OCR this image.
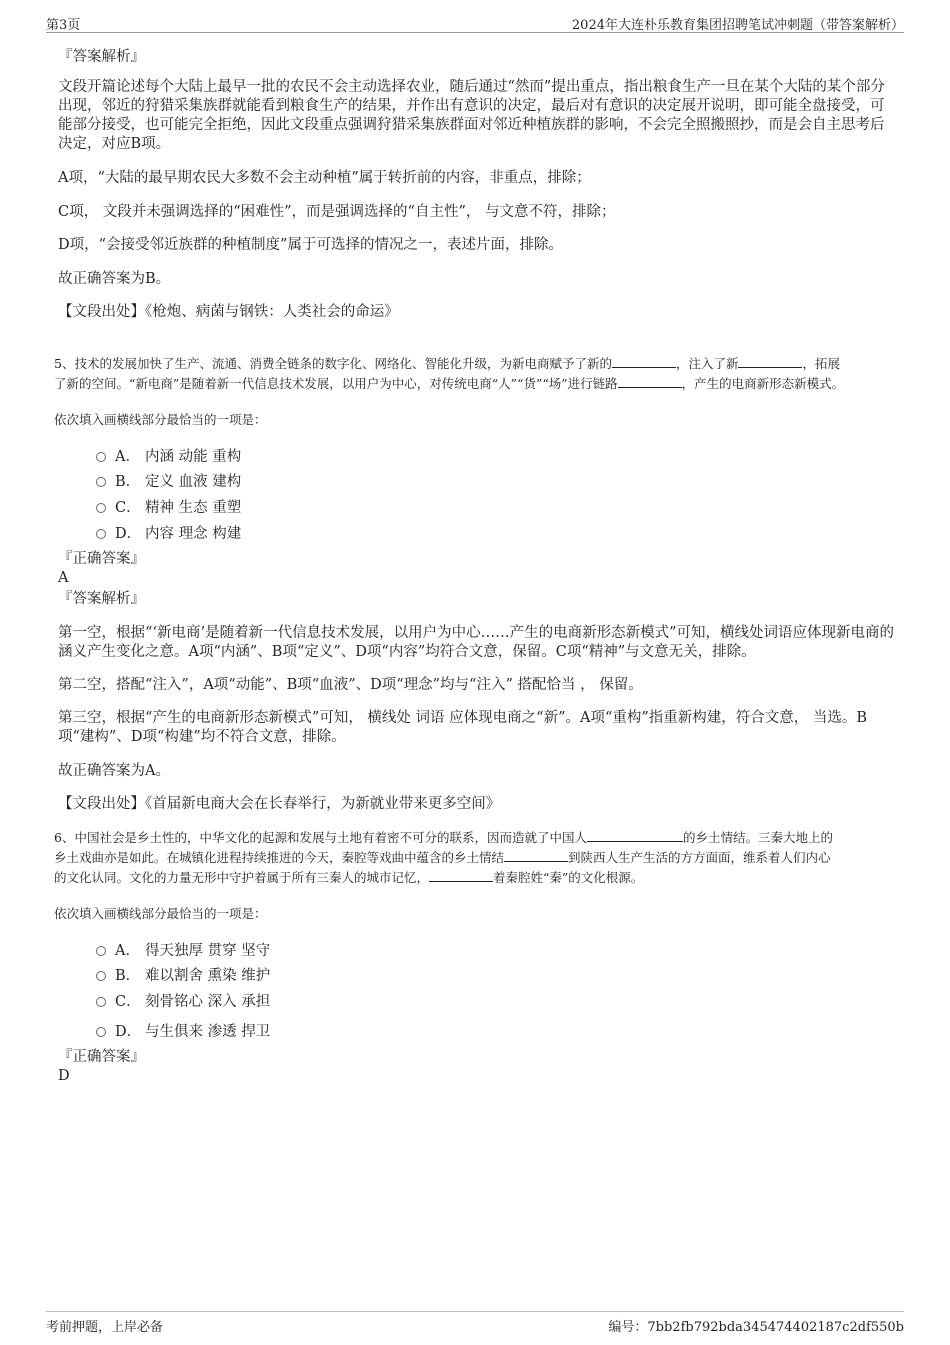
第3页	2024年大连朴乐教育集团招聘笔试冲刺题（带答案解析）
『答案解析』
文段开篇论述每个大陆上最早一批的农民不会主动选择农业，随后通过“然而”提出重点，指出粮食生产一旦在某个大陆的某个部分出现，邻近的狩猎采集族群就能看到粮食生产的结果，并作出有意识的决定，最后对有意识的决定展开说明，即可能全盘接受，可能部分接受，也可能完全拒绝，因此文段重点强调狩猎采集族群面对邻近种植族群的影响，不会完全照搬照抄，而是会自主思考后决定，对应B项。
A项，“大陆的最早期农民大多数不会主动种植”属于转折前的内容，非重点，排除；
C项， 文段并未强调选择的“困难性”，而是强调选择的“自主性”， 与文意不符，排除；
D项，“会接受邻近族群的种植制度”属于可选择的情况之一，表述片面，排除。
故正确答案为B。
【文段出处】《枪炮、病菌与钢铁：人类社会的命运》
5、技术的发展加快了生产、流通、消费全链条的数字化、网络化、智能化升级，为新电商赋予了新的	，注入了新	，拓展
了新的空间。“新电商”是随着新一代信息技术发展，以用户为中心，对传统电商“人”“货”“场”进行链路	，产生的电商新形态新模式。
依次填入画横线部分最恰当的一项是：
A． 内涵 动能 重构
B． 定义 血液 建构
C． 精神 生态 重塑
D． 内容 理念 构建
『正确答案』
A
『答案解析』
第一空，根据“‘新电商’是随着新一代信息技术发展，以用户为中心……产生的电商新形态新模式”可知，横线处词语应体现新电商的涵义产生变化之意。A项“内涵”、B项“定义”、D项“内容”均符合文意，保留。C项“精神”与文意无关，排除。
第二空，搭配“注入”，A项“动能”、B项“血液”、D项“理念”均与“注入” 搭配恰当 ， 保留。
第三空，根据“产生的电商新形态新模式”可知， 横线处 词语 应体现电商之“新”。A项“重构”指重新构建，符合文意， 当选。B项“建构”、D项“构建”均不符合文意，排除。
故正确答案为A。
【文段出处】《首届新电商大会在长春举行，为新就业带来更多空间》
6、中国社会是乡土性的，中华文化的起源和发展与土地有着密不可分的联系，因而造就了中国人	的乡土情结。三秦大地上的
乡土戏曲亦是如此。在城镇化进程持续推进的今天，秦腔等戏曲中蕴含的乡土情结	到陕西人生产生活的方方面面，维系着人们内心
的文化认同。文化的力量无形中守护着属于所有三秦人的城市记忆，	着秦腔姓“秦”的文化根源。
依次填入画横线部分最恰当的一项是：
A． 得天独厚 贯穿 坚守
B． 难以割舍 熏染 维护
C． 刻骨铭心 深入 承担
D． 与生俱来 渗透 捍卫
『正确答案』
D
考前押题，上岸必备	编号：7bb2fb792bda345474402187c2df550b
